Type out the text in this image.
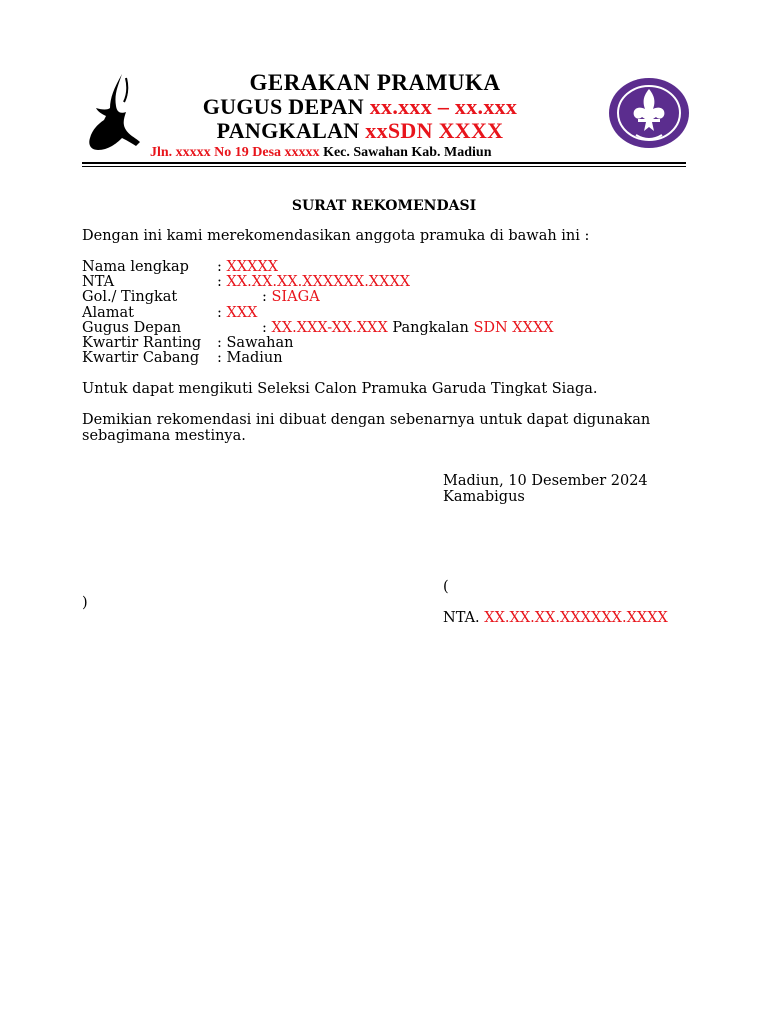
GERAKAN PRAMUKA
GUGUS DEPAN xx.xxx – xx.xxx
PANGKALAN xxSDN XXXX
Jln. xxxxx No 19 Desa xxxxx Kec. Sawahan Kab. Madiun
SURAT REKOMENDASI
Dengan ini kami merekomendasikan anggota pramuka di bawah ini :
Nama lengkap : XXXXX
NTA	: XX.XX.XX.XXXXXX.XXXX
Gol./ Tingkat	: SIAGA
Alamat	: XXX
Gugus Depan	: XX.XXX-XX.XXX Pangkalan SDN XXXX
Kwartir Ranting : Sawahan
Kwartir Cabang : Madiun
Untuk dapat mengikuti Seleksi Calon Pramuka Garuda Tingkat Siaga.
Demikian rekomendasi ini dibuat dengan sebenarnya untuk dapat digunakan
sebagimana mestinya.
Madiun, 10 Desember 2024
Kamabigus
(
)
NTA. XX.XX.XX.XXXXXX.XXXX
